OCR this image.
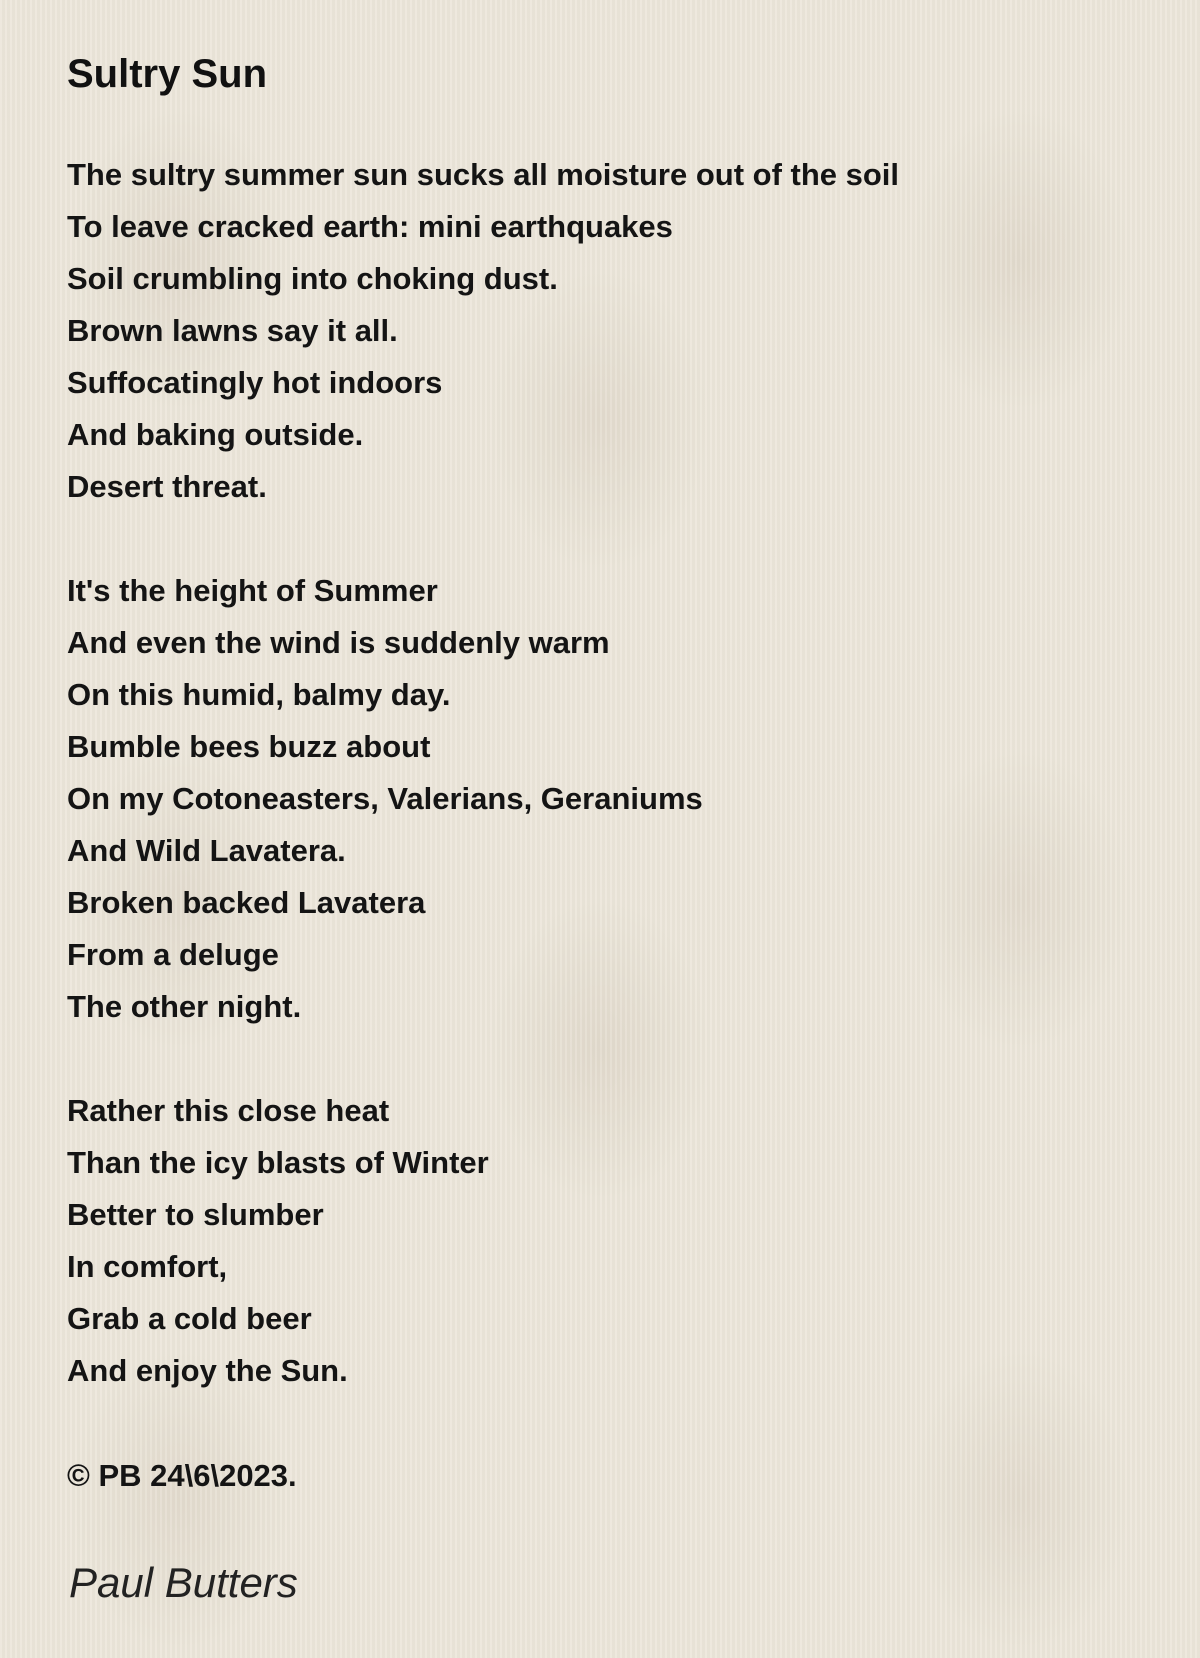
Sultry Sun
The sultry summer sun sucks all moisture out of the soil
To leave cracked earth: mini earthquakes
Soil crumbling into choking dust.
Brown lawns say it all.
Suffocatingly hot indoors
And baking outside.
Desert threat.
It's the height of Summer
And even the wind is suddenly warm
On this humid, balmy day.
Bumble bees buzz about
On my Cotoneasters, Valerians, Geraniums
And Wild Lavatera.
Broken backed Lavatera
From a deluge
The other night.
Rather this close heat
Than the icy blasts of Winter
Better to slumber
In comfort,
Grab a cold beer
And enjoy the Sun.
© PB 24\6\2023.
Paul Butters
